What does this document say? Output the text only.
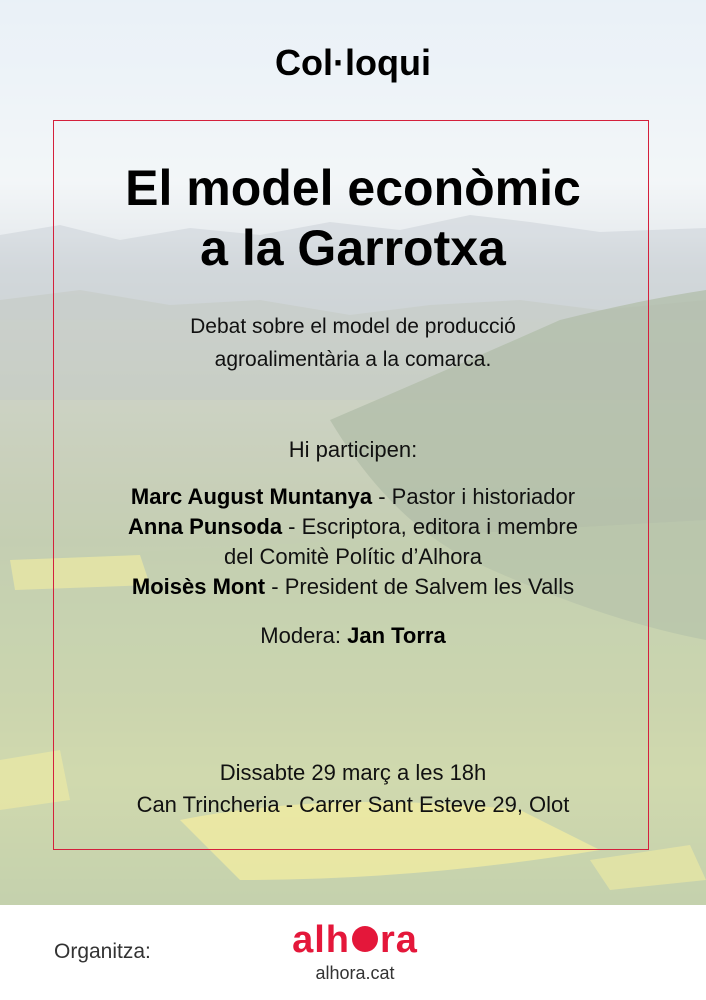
Col·loqui
El model econòmic
a la Garrotxa
Debat sobre el model de producció
agroalimentària a la comarca.
Hi participen:
Marc August Muntanya - Pastor i historiador
Anna Punsoda - Escriptora, editora i membre
del Comitè Polític d’Alhora
Moisès Mont - President de Salvem les Valls
Modera: Jan Torra
Dissabte 29 març a les 18h
Can Trincheria - Carrer Sant Esteve 29, Olot
Organitza:	alh ra
alhora.cat
